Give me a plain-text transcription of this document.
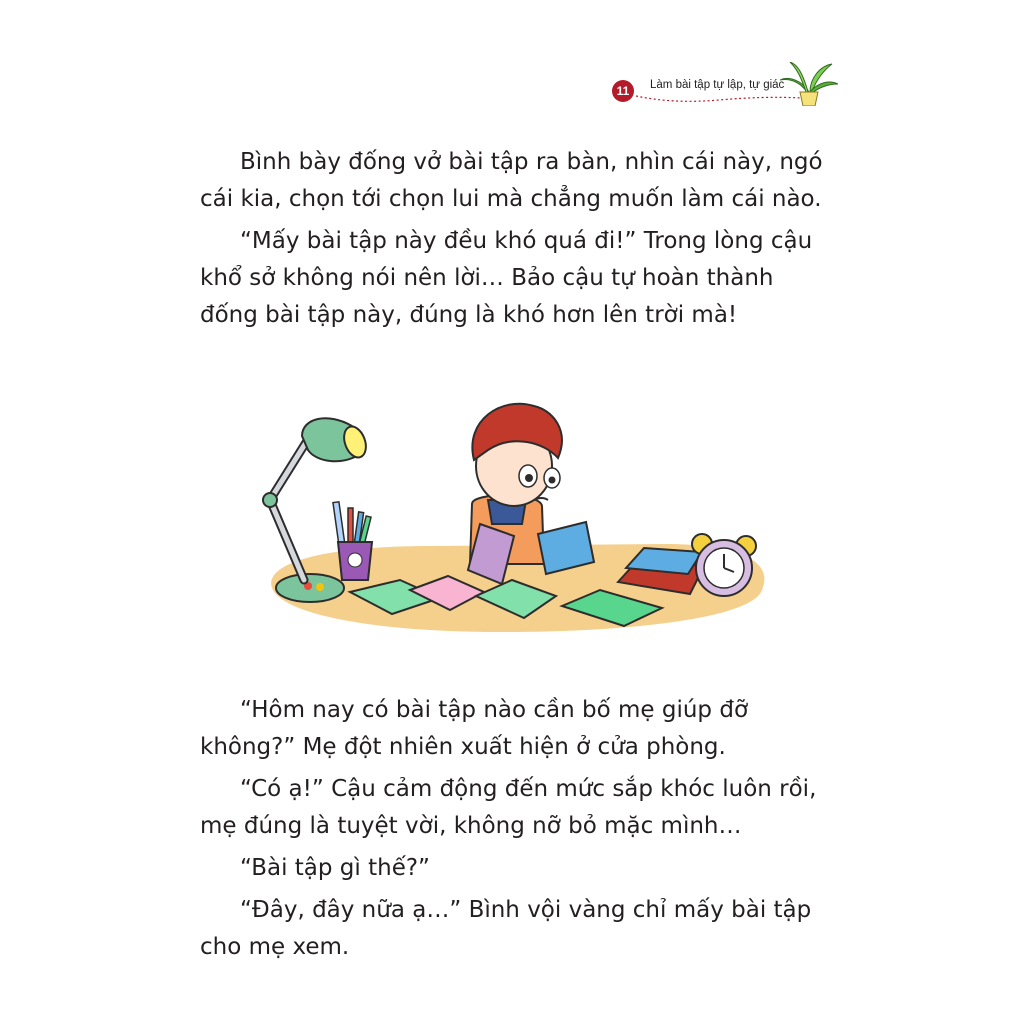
11	Làm bài tập tự lập, tự giác

Bình bày đống vở bài tập ra bàn, nhìn cái này, ngó cái kia, chọn tới chọn lui mà chẳng muốn làm cái nào.

“Mấy bài tập này đều khó quá đi!” Trong lòng cậu khổ sở không nói nên lời… Bảo cậu tự hoàn thành đống bài tập này, đúng là khó hơn lên trời mà!

“Hôm nay có bài tập nào cần bố mẹ giúp đỡ không?” Mẹ đột nhiên xuất hiện ở cửa phòng.

“Có ạ!” Cậu cảm động đến mức sắp khóc luôn rồi, mẹ đúng là tuyệt vời, không nỡ bỏ mặc mình…

“Bài tập gì thế?”

“Đây, đây nữa ạ…” Bình vội vàng chỉ mấy bài tập cho mẹ xem.
